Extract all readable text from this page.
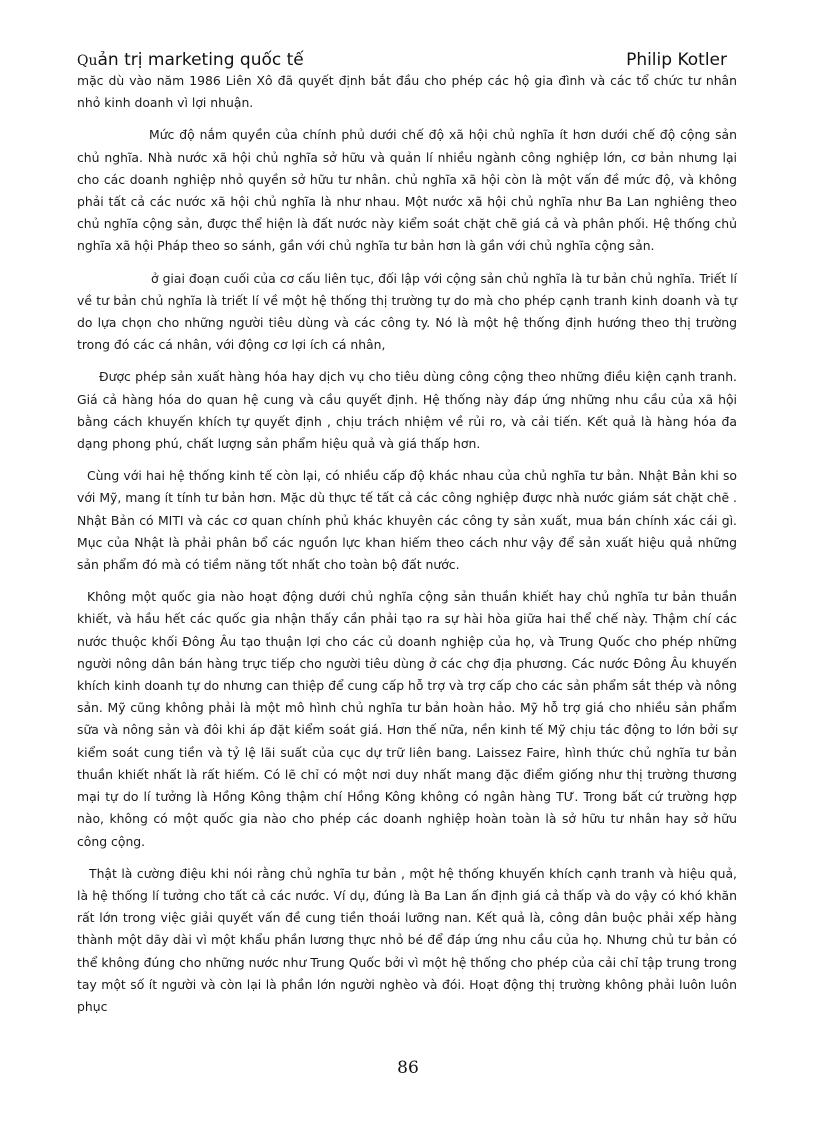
Quản trị marketing quốc tế	Philip Kotler

mặc dù vào năm 1986 Liên Xô đã quyết định bắt đầu cho phép các hộ gia đình và các tổ chức tư nhân nhỏ kinh doanh vì lợi nhuận.

Mức độ nắm quyền của chính phủ dưới chế độ xã hội chủ nghĩa ít hơn dưới chế độ cộng sản chủ nghĩa. Nhà nước xã hội chủ nghĩa sở hữu và quản lí nhiều ngành công nghiệp lớn, cơ bản nhưng lại cho các doanh nghiệp nhỏ quyền sở hữu tư nhân. chủ nghĩa xã hội còn là một vấn đề mức độ, và không phải tất cả các nước xã hội chủ nghĩa là như nhau. Một nước xã hội chủ nghĩa như Ba Lan nghiêng theo chủ nghĩa cộng sản, được thể hiện là đất nước này kiểm soát chặt chẽ giá cả và phân phối. Hệ thống chủ nghĩa xã hội Pháp theo so sánh, gần với chủ nghĩa tư bản hơn là gần với chủ nghĩa cộng sản.

ở giai đoạn cuối của cơ cấu liên tục, đối lập với cộng sản chủ nghĩa là tư bản chủ nghĩa. Triết lí về tư bản chủ nghĩa là triết lí về một hệ thống thị trường tự do mà cho phép cạnh tranh kinh doanh và tự do lựa chọn cho những người tiêu dùng và các công ty. Nó là một hệ thống định hướng theo thị trường trong đó các cá nhân, với động cơ lợi ích cá nhân,

Được phép sản xuất hàng hóa hay dịch vụ cho tiêu dùng công cộng theo những điều kiện cạnh tranh. Giá cả hàng hóa do quan hệ cung và cầu quyết định. Hệ thống này đáp ứng những nhu cầu của xã hội bằng cách khuyến khích tự quyết định , chịu trách nhiệm về rủi ro, và cải tiến. Kết quả là hàng hóa đa dạng phong phú, chất lượng sản phẩm hiệu quả và giá thấp hơn.

Cùng với hai hệ thống kinh tế còn lại, có nhiều cấp độ khác nhau của chủ nghĩa tư bản. Nhật Bản khi so với Mỹ, mang ít tính tư bản hơn. Mặc dù thực tế tất cả các công nghiệp được nhà nước giám sát chặt chẽ . Nhật Bản có MITI và các cơ quan chính phủ khác khuyên các công ty sản xuất, mua bán chính xác cái gì. Mục của Nhật là phải phân bổ các nguồn lực khan hiếm theo cách như vậy để sản xuất hiệu quả những sản phẩm đó mà có tiềm năng tốt nhất cho toàn bộ đất nước.

Không một quốc gia nào hoạt động dưới chủ nghĩa cộng sản thuần khiết hay chủ nghĩa tư bản thuần khiết, và hầu hết các quốc gia nhận thấy cần phải tạo ra sự hài hòa giữa hai thể chế này. Thậm chí các nước thuộc khối Đông Âu tạo thuận lợi cho các củ doanh nghiệp của họ, và Trung Quốc cho phép những người nông dân bán hàng trực tiếp cho người tiêu dùng ở các chợ địa phương. Các nước Đông Âu khuyến khích kinh doanh tự do nhưng can thiệp để cung cấp hỗ trợ và trợ cấp cho các sản phẩm sắt thép và nông sản. Mỹ cũng không phải là một mô hình chủ nghĩa tư bản hoàn hảo. Mỹ hỗ trợ giá cho nhiều sản phẩm sữa và nông sản và đôi khi áp đặt kiểm soát giá. Hơn thế nữa, nền kinh tế Mỹ chịu tác động to lớn bởi sự kiểm soát cung tiền và tỷ lệ lãi suất của cục dự trữ liên bang. Laissez Faire, hình thức chủ nghĩa tư bản thuần khiết nhất là rất hiếm. Có lẽ chỉ có một nơi duy nhất mang đặc điểm giống như thị trường thương mại tự do lí tưởng là Hồng Kông thậm chí Hồng Kông không có ngân hàng TƯ. Trong bất cứ trường hợp nào, không có một quốc gia nào cho phép các doanh nghiệp hoàn toàn là sở hữu tư nhân hay sở hữu công cộng.

Thật là cường điệu khi nói rằng chủ nghĩa tư bản , một hệ thống khuyến khích cạnh tranh và hiệu quả, là hệ thống lí tưởng cho tất cả các nước. Ví dụ, đúng là Ba Lan ấn định giá cả thấp và do vậy có khó khăn rất lớn trong việc giải quyết vấn đề cung tiền thoái lưỡng nan. Kết quả là, công dân buộc phải xếp hàng thành một dãy dài vì một khẩu phần lương thực nhỏ bé để đáp ứng nhu cầu của họ. Nhưng chủ tư bản có thể không đúng cho những nước như Trung Quốc bởi vì một hệ thống cho phép của cải chỉ tập trung trong tay một số ít người và còn lại là phần lớn người nghèo và đói. Hoạt động thị trường không phải luôn luôn phục

86
